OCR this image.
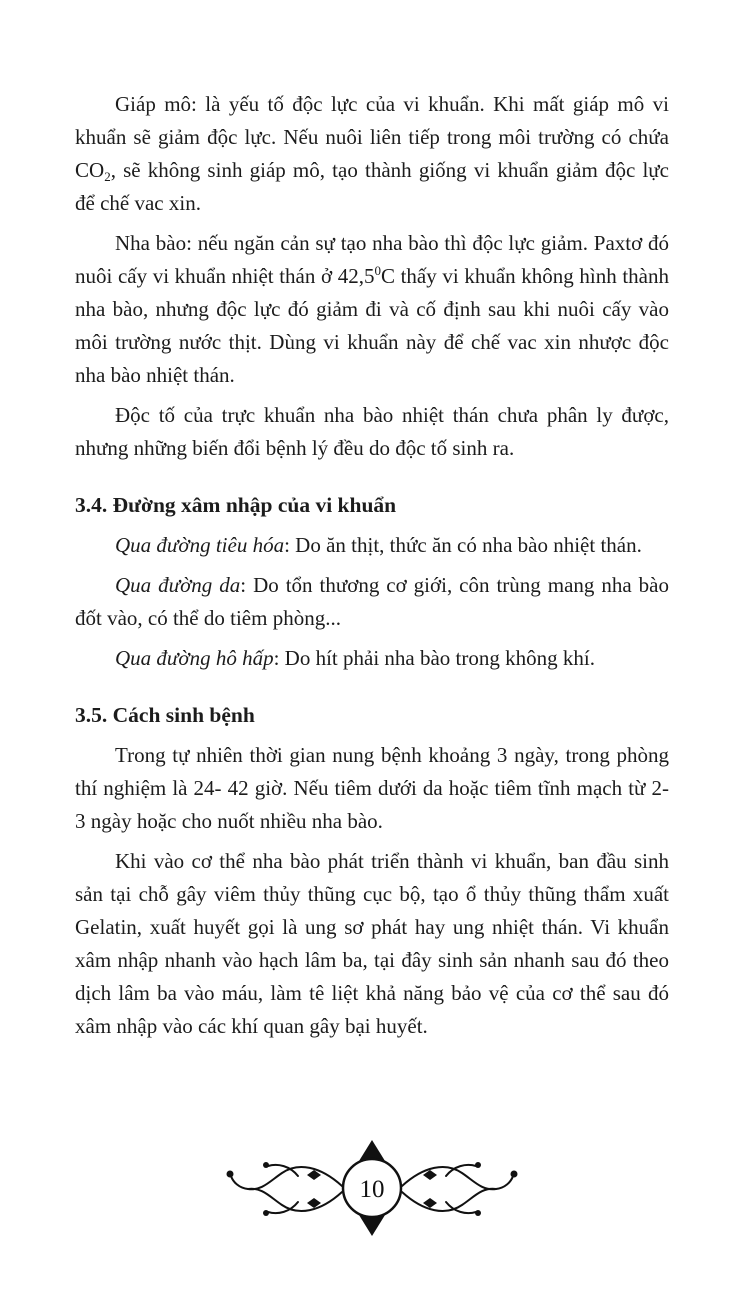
Giáp mô: là yếu tố độc lực của vi khuẩn. Khi mất giáp mô vi khuẩn sẽ giảm độc lực. Nếu nuôi liên tiếp trong môi trường có chứa $CO_2$, sẽ không sinh giáp mô, tạo thành giống vi khuẩn giảm độc lực để chế vac xin.

Nha bào: nếu ngăn cản sự tạo nha bào thì độc lực giảm. Paxtơ đó nuôi cấy vi khuẩn nhiệt thán ở 42,5$^0$C thấy vi khuẩn không hình thành nha bào, nhưng độc lực đó giảm đi và cố định sau khi nuôi cấy vào môi trường nước thịt. Dùng vi khuẩn này để chế vac xin nhược độc nha bào nhiệt thán.

Độc tố của trực khuẩn nha bào nhiệt thán chưa phân ly được, nhưng những biến đổi bệnh lý đều do độc tố sinh ra.

3.4. Đường xâm nhập của vi khuẩn

Qua đường tiêu hóa: Do ăn thịt, thức ăn có nha bào nhiệt thán.

Qua đường da: Do tổn thương cơ giới, côn trùng mang nha bào đốt vào, có thể do tiêm phòng...

Qua đường hô hấp: Do hít phải nha bào trong không khí.

3.5. Cách sinh bệnh

Trong tự nhiên thời gian nung bệnh khoảng 3 ngày, trong phòng thí nghiệm là 24- 42 giờ. Nếu tiêm dưới da hoặc tiêm tĩnh mạch từ 2- 3 ngày hoặc cho nuốt nhiều nha bào.

Khi vào cơ thể nha bào phát triển thành vi khuẩn, ban đầu sinh sản tại chỗ gây viêm thủy thũng cục bộ, tạo ổ thủy thũng thẩm xuất Gelatin, xuất huyết gọi là ung sơ phát hay ung nhiệt thán. Vi khuẩn xâm nhập nhanh vào hạch lâm ba, tại đây sinh sản nhanh sau đó theo dịch lâm ba vào máu, làm tê liệt khả năng bảo vệ của cơ thể sau đó xâm nhập vào các khí quan gây bại huyết.

10
